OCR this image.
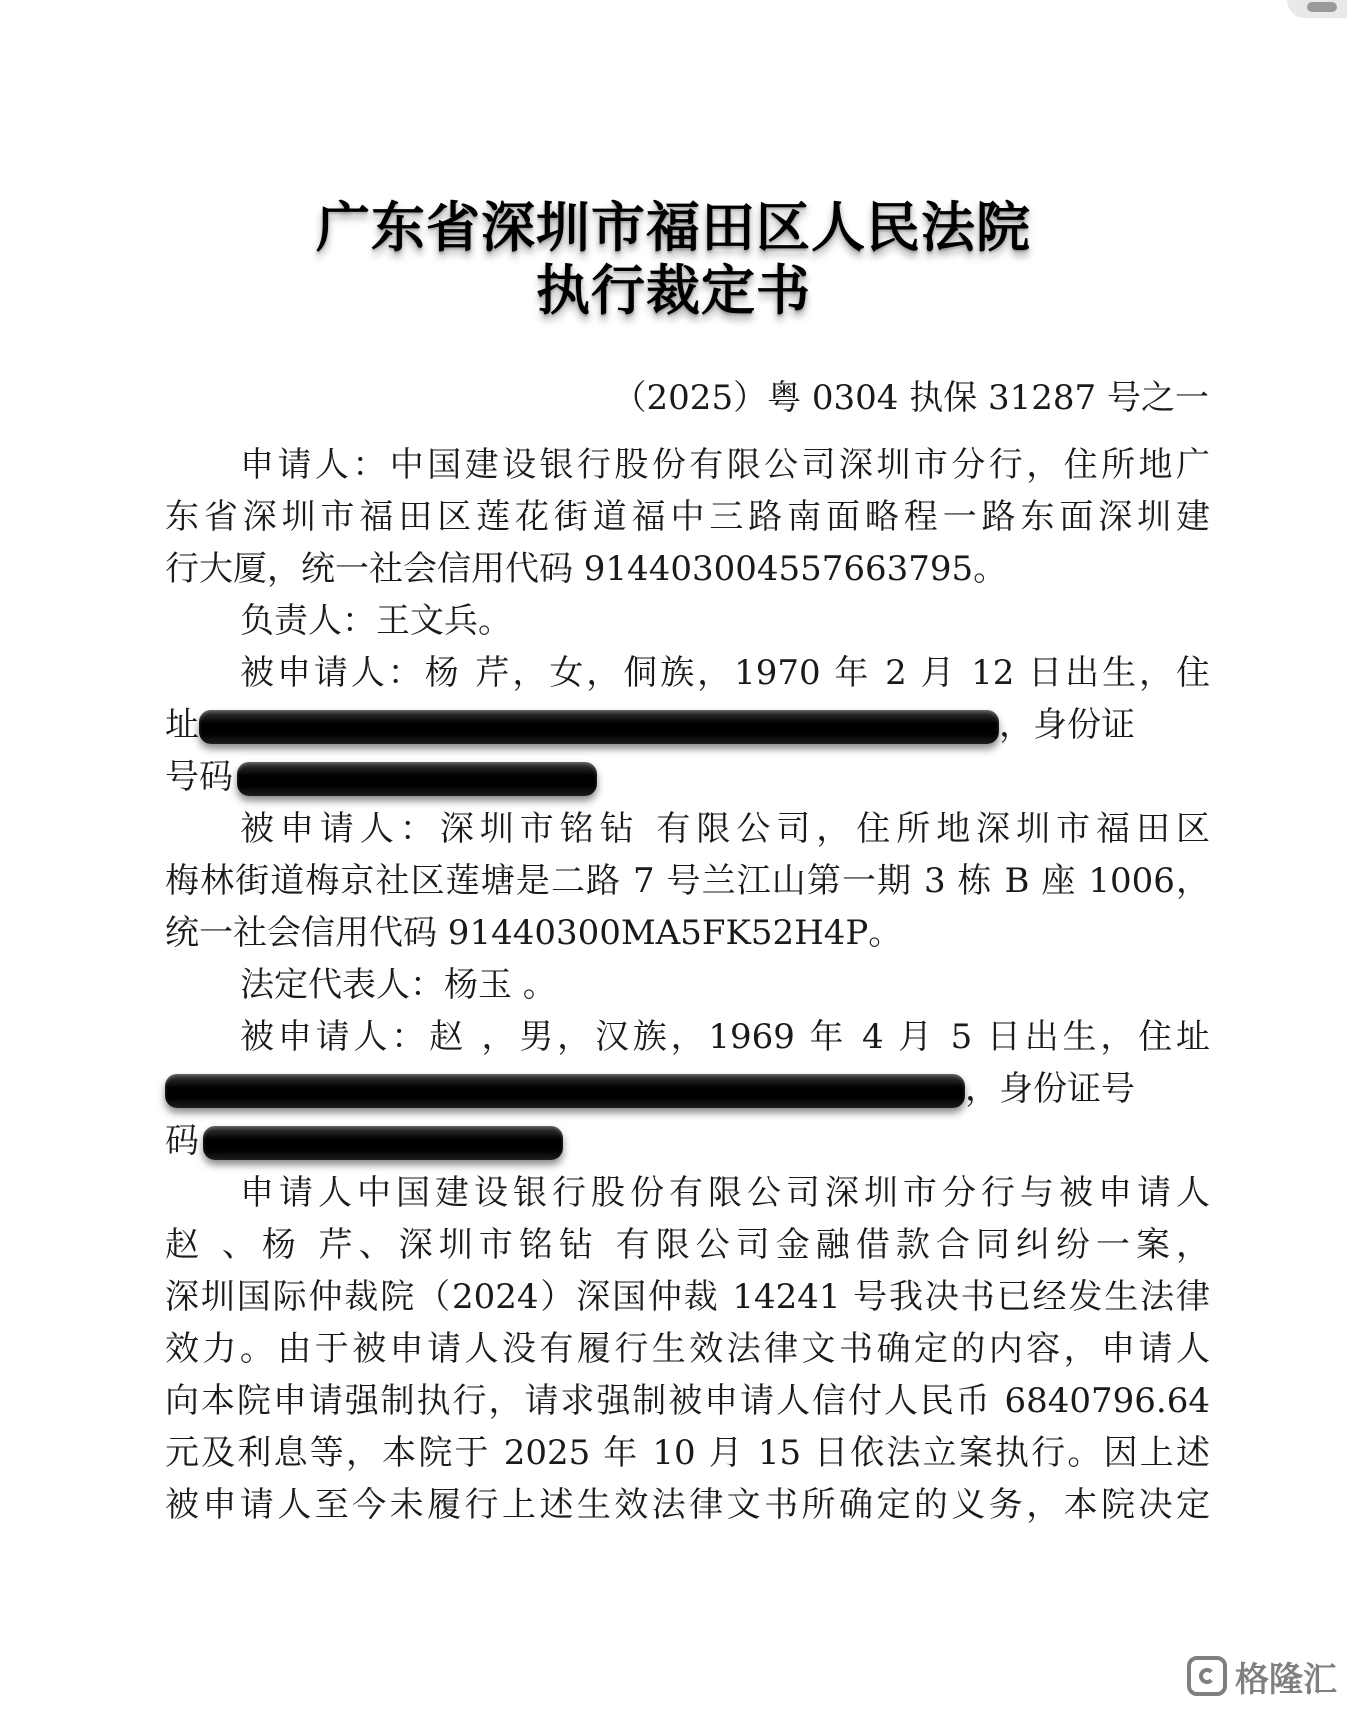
广东省深圳市福田区人民法院
执行裁定书
（2025）粤 0304 执保 31287 号之一
申请人：中国建设银行股份有限公司深圳市分行，住所地广
东省深圳市福田区莲花街道福中三路南面略程一路东面深圳建
行大厦，统一社会信用代码 914403004557663795。
负责人：王文兵。
被申请人：杨 芹，女，侗族，1970 年 2 月 12 日出生，住
址	，身份证
号码
被申请人：深圳市铭钻 有限公司，住所地深圳市福田区
梅林街道梅京社区莲塘是二路 7 号兰江山第一期 3 栋 B 座 1006，
统一社会信用代码 91440300MA5FK52H4P。
法定代表人：杨玉 。
被申请人：赵 ，男，汉族，1969 年 4 月 5 日出生，住址
，身份证号
码
申请人中国建设银行股份有限公司深圳市分行与被申请人
赵 、杨 芹、深圳市铭钻 有限公司金融借款合同纠纷一案，
深圳国际仲裁院（2024）深国仲裁 14241 号我决书已经发生法律
效力。由于被申请人没有履行生效法律文书确定的内容，申请人
向本院申请强制执行，请求强制被申请人信付人民币 6840796.64
元及利息等，本院于 2025 年 10 月 15 日依法立案执行。因上述
被申请人至今未履行上述生效法律文书所确定的义务，本院决定
格隆汇
